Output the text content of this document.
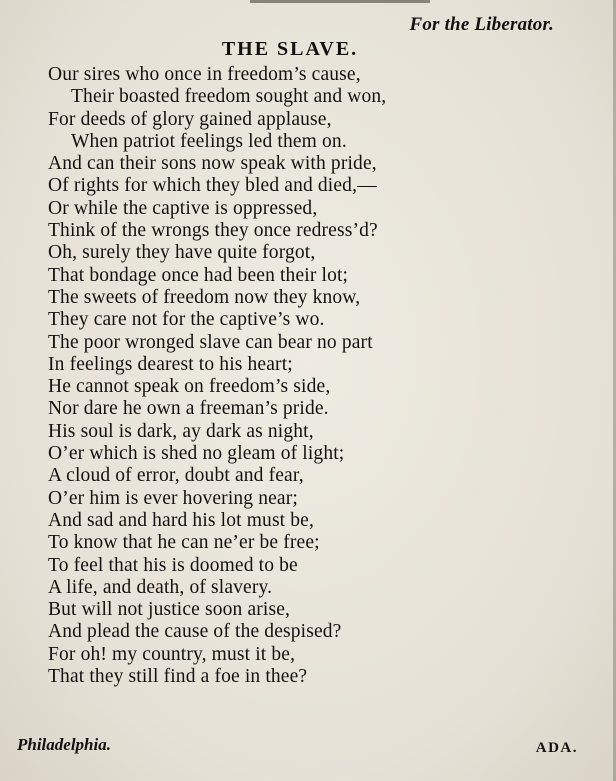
For the Liberator.
THE SLAVE.
Our sires who once in freedom’s cause,
Their boasted freedom sought and won,
For deeds of glory gained applause,
When patriot feelings led them on.
And can their sons now speak with pride,
Of rights for which they bled and died,—
Or while the captive is oppressed,
Think of the wrongs they once redress’d?
Oh, surely they have quite forgot,
That bondage once had been their lot;
The sweets of freedom now they know,
They care not for the captive’s wo.
The poor wronged slave can bear no part
In feelings dearest to his heart;
He cannot speak on freedom’s side,
Nor dare he own a freeman’s pride.
His soul is dark, ay dark as night,
O’er which is shed no gleam of light;
A cloud of error, doubt and fear,
O’er him is ever hovering near;
And sad and hard his lot must be,
To know that he can ne’er be free;
To feel that his is doomed to be
A life, and death, of slavery.
But will not justice soon arise,
And plead the cause of the despised?
For oh! my country, must it be,
That they still find a foe in thee?
Philadelphia.	ADA.
